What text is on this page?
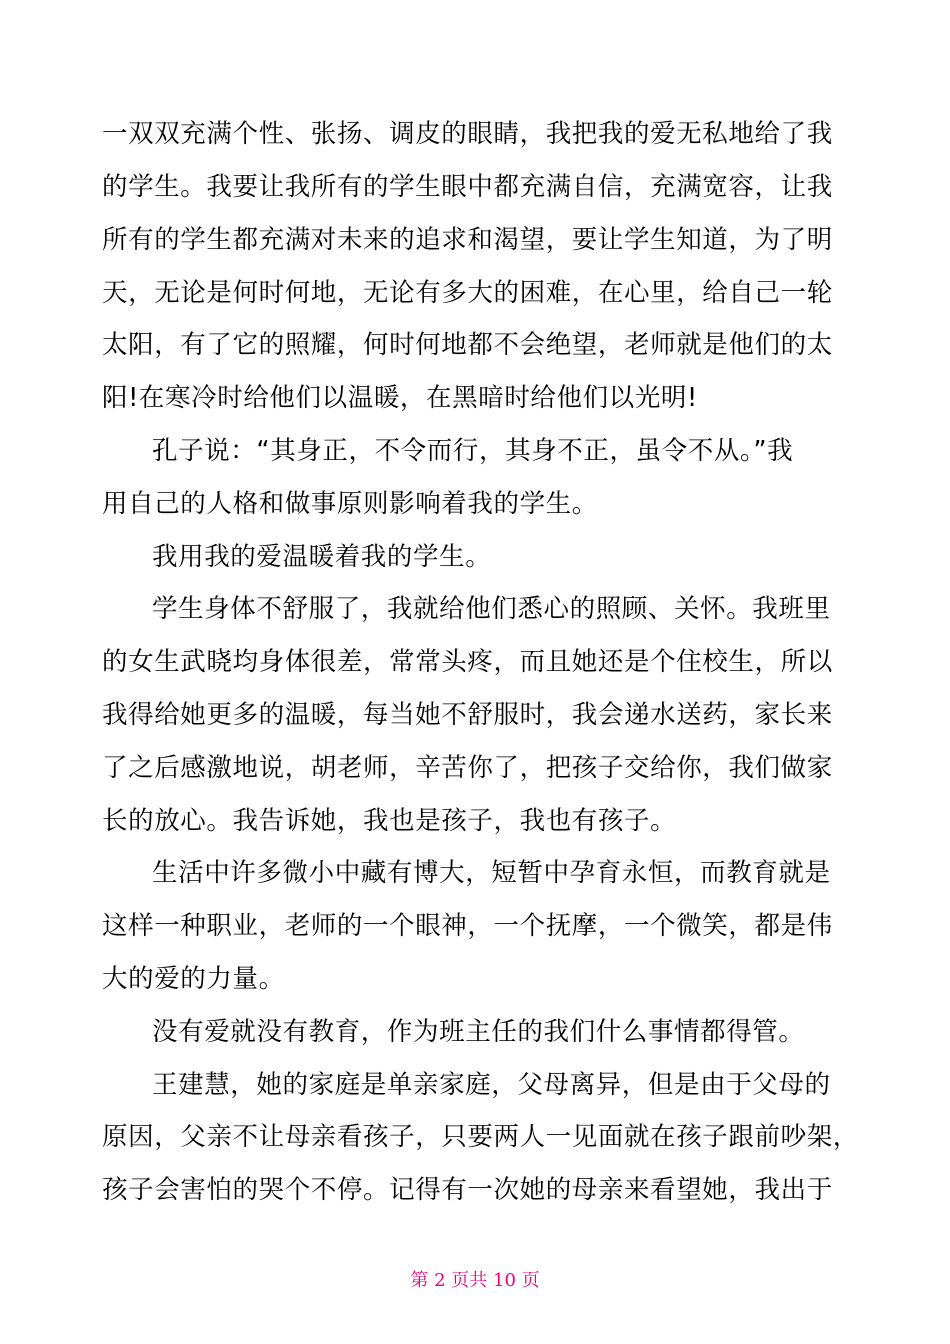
一双双充满个性、张扬、调皮的眼睛，我把我的爱无私地给了我
的学生。我要让我所有的学生眼中都充满自信，充满宽容，让我
所有的学生都充满对未来的追求和渴望，要让学生知道，为了明
天，无论是何时何地，无论有多大的困难，在心里，给自己一轮
太阳，有了它的照耀，何时何地都不会绝望，老师就是他们的太
阳!在寒冷时给他们以温暖，在黑暗时给他们以光明!
孔子说：“其身正，不令而行，其身不正，虽令不从。”我
用自己的人格和做事原则影响着我的学生。
我用我的爱温暖着我的学生。
学生身体不舒服了，我就给他们悉心的照顾、关怀。我班里
的女生武晓均身体很差，常常头疼，而且她还是个住校生，所以
我得给她更多的温暖，每当她不舒服时，我会递水送药，家长来
了之后感激地说，胡老师，辛苦你了，把孩子交给你，我们做家
长的放心。我告诉她，我也是孩子，我也有孩子。
生活中许多微小中藏有博大，短暂中孕育永恒，而教育就是
这样一种职业，老师的一个眼神，一个抚摩，一个微笑，都是伟
大的爱的力量。
没有爱就没有教育，作为班主任的我们什么事情都得管。
王建慧，她的家庭是单亲家庭，父母离异，但是由于父母的
原因，父亲不让母亲看孩子，只要两人一见面就在孩子跟前吵架，
孩子会害怕的哭个不停。记得有一次她的母亲来看望她，我出于
第 2 页共 10 页
